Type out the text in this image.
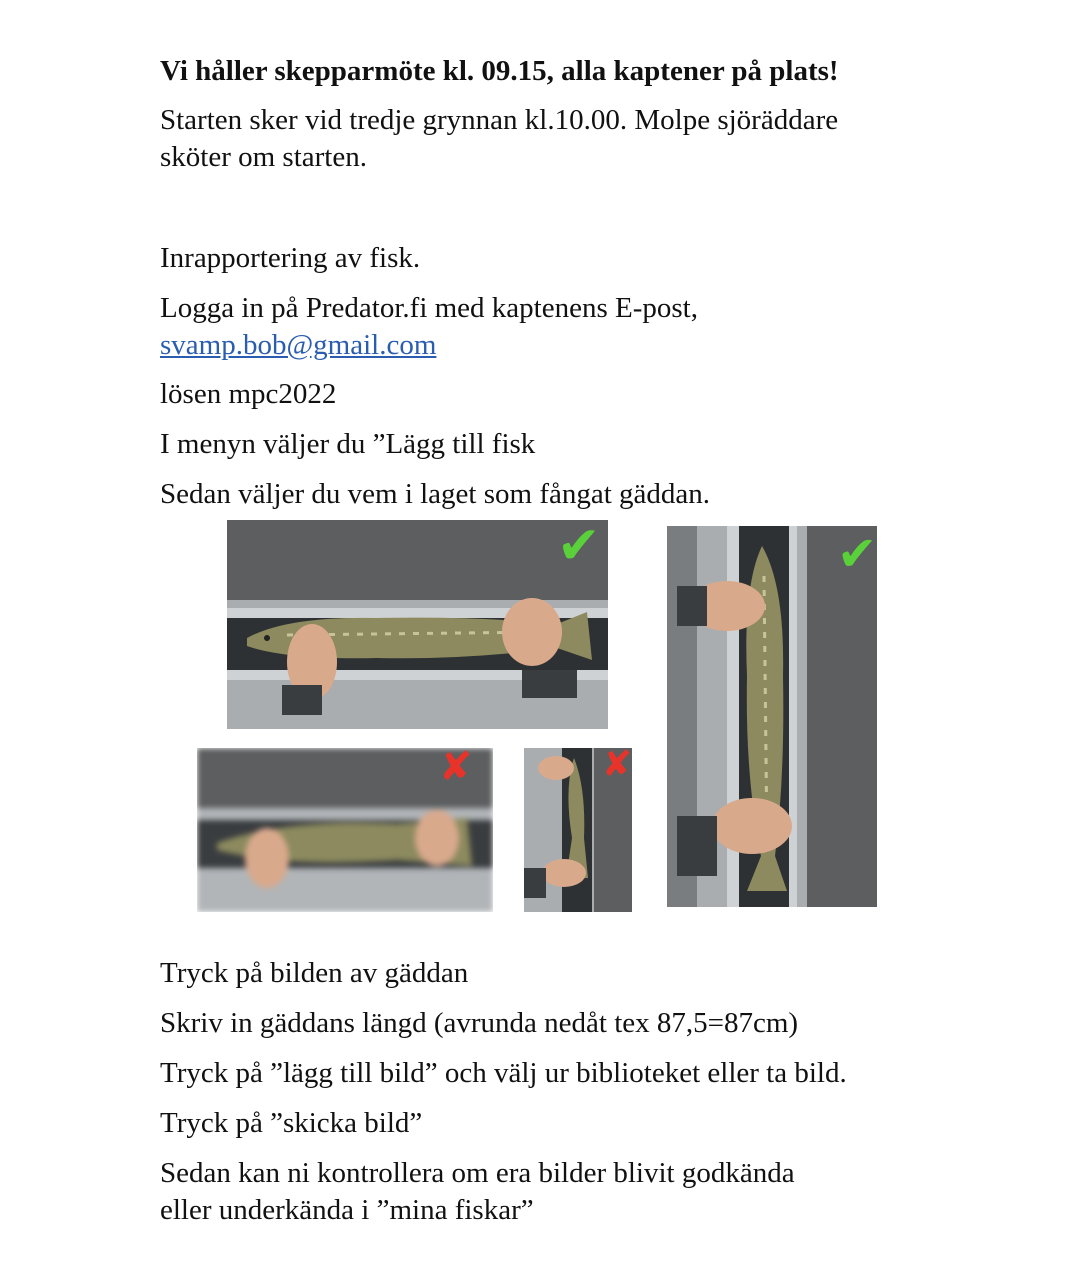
Vi håller skepparmöte kl. 09.15, alla kaptener på plats!
Starten sker vid tredje grynnan kl.10.00. Molpe sjöräddare
sköter om starten.
Inrapportering av fisk.
Logga in på Predator.fi med kaptenens E-post,
svamp.bob@gmail.com
lösen mpc2022
I menyn väljer du ”Lägg till fisk
Sedan väljer du vem i laget som fångat gäddan.
✔	✔
✘	✘
Tryck på bilden av gäddan
Skriv in gäddans längd (avrunda nedåt tex 87,5=87cm)
Tryck på ”lägg till bild” och välj ur biblioteket eller ta bild.
Tryck på ”skicka bild”
Sedan kan ni kontrollera om era bilder blivit godkända
eller underkända i ”mina fiskar”
